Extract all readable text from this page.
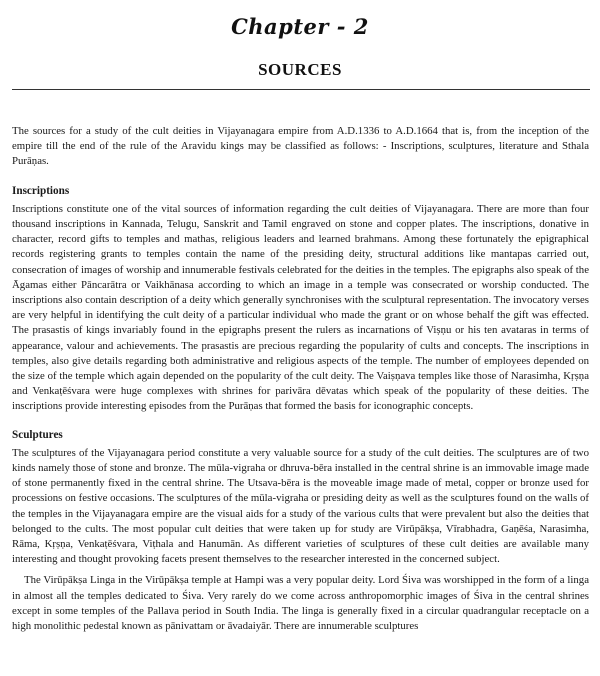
Chapter - 2
SOURCES

The sources for a study of the cult deities in Vijayanagara empire from A.D.1336 to A.D.1664 that is, from the inception of the empire till the end of the rule of the Aravidu kings may be classified as follows: - Inscriptions, sculptures, literature and Sthala Purāṇas.

Inscriptions

Inscriptions constitute one of the vital sources of information regarding the cult deities of Vijayanagara. There are more than four thousand inscriptions in Kannada, Telugu, Sanskrit and Tamil engraved on stone and copper plates. The inscriptions, donative in character, record gifts to temples and mathas, religious leaders and learned brahmans. Among these fortunately the epigraphical records registering grants to temples contain the name of the presiding deity, structural additions like mantapas carried out, consecration of images of worship and innumerable festivals celebrated for the deities in the temples. The epigraphs also speak of the Āgamas either Pāncarātra or Vaikhānasa according to which an image in a temple was consecrated or worship conducted. The inscriptions also contain description of a deity which generally synchronises with the sculptural representation. The invocatory verses are very helpful in identifying the cult deity of a particular individual who made the grant or on whose behalf the gift was effected. The prasastis of kings invariably found in the epigraphs present the rulers as incarnations of Viṣṇu or his ten avataras in terms of appearance, valour and achievements. The prasastis are precious regarding the popularity of cults and concepts. The inscriptions in temples, also give details regarding both administrative and religious aspects of the temple. The number of employees depended on the size of the temple which again depended on the popularity of the cult deity. The Vaiṣṇava temples like those of Narasimha, Kṛṣṇa and Venkaṭēśvara were huge complexes with shrines for parivāra dēvatas which speak of the popularity of these deities. The inscriptions provide interesting episodes from the Purāṇas that formed the basis for iconographic concepts.

Sculptures

The sculptures of the Vijayanagara period constitute a very valuable source for a study of the cult deities. The sculptures are of two kinds namely those of stone and bronze. The mūla-vigraha or dhruva-bēra installed in the central shrine is an immovable image made of stone permanently fixed in the central shrine. The Utsava-bēra is the moveable image made of metal, copper or bronze used for processions on festive occasions. The sculptures of the mūla-vigraha or presiding deity as well as the sculptures found on the walls of the temples in the Vijayanagara empire are the visual aids for a study of the various cults that were prevalent but also the deities that belonged to the cults. The most popular cult deities that were taken up for study are Virūpākṣa, Vīrabhadra, Gaṇēśa, Narasimha, Rāma, Kṛṣṇa, Venkaṭēśvara, Viṭhala and Hanumān. As different varieties of sculptures of these cult deities are available many interesting and thought provoking facets present themselves to the researcher interested in the concerned subject.

The Virūpākṣa Linga in the Virūpākṣa temple at Hampi was a very popular deity. Lord Śiva was worshipped in the form of a linga in almost all the temples dedicated to Śiva. Very rarely do we come across anthropomorphic images of Śiva in the central shrines except in some temples of the Pallava period in South India. The linga is generally fixed in a circular quadrangular receptacle on a high monolithic pedestal known as pānivattam or āvadaiyār. There are innumerable sculptures
